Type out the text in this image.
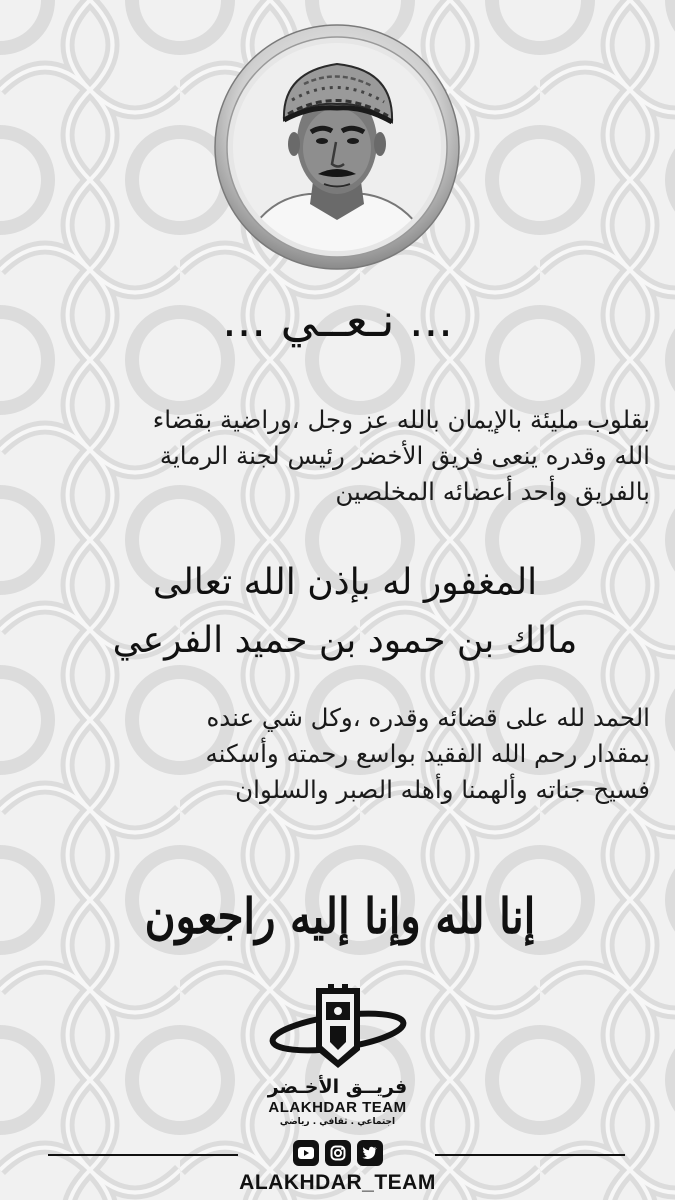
... نـعــي ...
بقلوب مليئة بالإيمان بالله عز وجل ،وراضية بقضاء
الله وقدره ينعى فريق الأخضر رئيس لجنة الرماية
بالفريق وأحد أعضائه المخلصين
المغفور له بإذن الله تعالى
مالك بن حمود بن حميد الفرعي
الحمد لله على قضائه وقدره ،وكل شي عنده
بمقدار رحم الله الفقيد بواسع رحمته وأسكنه
فسيح جناته وألهمنا وأهله الصبر والسلوان
إنا لله وإنا إليه راجعون
فريــق الأخـضر
ALAKHDAR TEAM
اجتماعي . ثقافي . رياضي
ALAKHDAR_TEAM
